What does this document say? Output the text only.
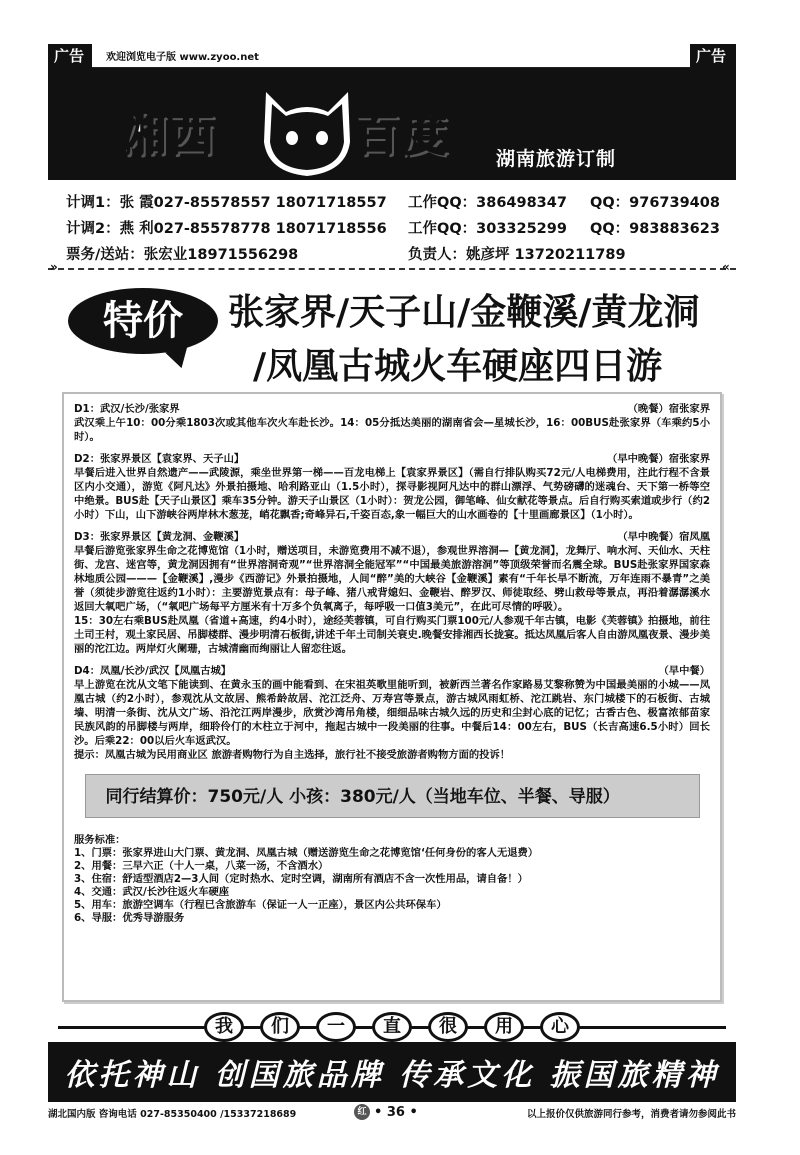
广告	欢迎浏览电子版 www.zyoo.net	广告
湘西	百度 湖南旅游订制
计调1：张 霞027-85578557 18071718557	工作QQ：386498347	QQ：976739408
计调2：燕 利027-85578778 18071718556	工作QQ：303325299	QQ：983883623
票务/送站：张宏业18971556298	负责人：姚彦坪 13720211789
»	«
特价	张家界/天子山/金鞭溪/黄龙洞
/凤凰古城火车硬座四日游
D1：武汉/长沙/张家界	（晚餐）宿张家界
武汉乘上午10：00分乘1803次或其他车次火车赴长沙。14：05分抵达美丽的湖南省会—星城长沙，16：00BUS赴张家界（车乘约5小时）。
D2：张家界景区【袁家界、天子山】	（早中晚餐）宿张家界
早餐后进入世界自然遗产——武陵源，乘坐世界第一梯——百龙电梯上【袁家界景区】（需自行排队购买72元/人电梯费用，注此行程不含景区内小交通），游览《阿凡达》外景拍摄地、哈利路亚山（1.5小时），探寻影视阿凡达中的群山漂浮、气势磅礴的迷魂台、天下第一桥等空中绝景。BUS赴【天子山景区】乘车35分钟。游天子山景区（1小时）：贺龙公园，御笔峰、仙女献花等景点。后自行购买索道或步行（约2小时）下山，山下游峡谷两岸林木葱茏，峭花飘香;奇峰异石,千姿百态,象一幅巨大的山水画卷的【十里画廊景区】（1小时）。
D3：张家界景区【黄龙洞、金鞭溪】	（早中晚餐）宿凤凰
早餐后游览张家界生命之花博览馆（1小时，赠送项目，未游览费用不减不退），参观世界溶洞—【黄龙洞】，龙舞厅、响水河、天仙水、天柱街、龙宫、迷宫等，黄龙洞因拥有“世界溶洞奇观”“世界溶洞全能冠军”“中国最美旅游溶洞”等顶级荣誉而名震全球。BUS赴张家界国家森林地质公园———【金鞭溪】,漫步《西游记》外景拍摄地，人间“醉”美的大峡谷【金鞭溪】素有“千年长旱不断流，万年连雨不暴青”之美誉（须徒步游览往返约1小时）：主要游览景点有：母子峰、猪八戒背媳妇、金鞭岩、醉罗汉、师徒取经、劈山救母等景点，再沿着潺潺溪水返回大氧吧广场，（“氧吧广场每平方厘米有十万多个负氧离子，每呼吸一口值3美元”，在此可尽情的呼吸）。
15：30左右乘BUS赴凤凰（省道+高速，约4小时），途经芙蓉镇，可自行购买门票100元/人参观千年古镇，电影《芙蓉镇》拍摄地，前往土司王村，观土家民居、吊脚楼群、漫步明清石板街,讲述千年土司制关衰史.晚餐安排湘西长拢宴。抵达凤凰后客人自由游凤凰夜景、漫步美丽的沱江边。两岸灯火阑珊，古城清幽而绚丽让人留恋往返。
D4：凤凰/长沙/武汉【凤凰古城】	（早中餐）
早上游览在沈从文笔下能读到、在黄永玉的画中能看到、在宋祖英歌里能听到，被新西兰著名作家路易艾黎称赞为中国最美丽的小城——凤凰古城（约2小时），参观沈从文故居、熊希龄故居、沱江泛舟、万寿宫等景点，游古城风雨虹桥、沱江跳岩、东门城楼下的石板街、古城墙、明清一条街、沈从文广场、沿沱江两岸漫步，欣赏沙湾吊角楼，细细品味古城久远的历史和尘封心底的记忆；古香古色、极富浓郁苗家民族风韵的吊脚楼与两岸，细聆伶仃的木柱立于河中，拖起古城中一段美丽的往事。中餐后14：00左右，BUS（长吉高速6.5小时）回长沙。后乘22：00以后火车返武汉。
提示：凤凰古城为民用商业区 旅游者购物行为自主选择，旅行社不接受旅游者购物方面的投诉！
同行结算价：750元/人 小孩：380元/人（当地车位、半餐、导服）
服务标准：
1、门票：张家界进山大门票、黄龙洞、凤凰古城（赠送游览生命之花博览馆‘任何身份的客人无退费）
2、用餐：三早六正（十人一桌，八菜一汤，不含酒水）
3、住宿：舒适型酒店2—3人间（定时热水、定时空调，湖南所有酒店不含一次性用品，请自备！）
4、交通：武汉/长沙往返火车硬座
5、用车：旅游空调车（行程已含旅游车（保证一人一正座），景区内公共环保车）
6、导服：优秀导游服务
我	们	一	直	很	用	心
依托神山 创国旅品牌 传承文化 振国旅精神
湖北国内版 咨询电话 027-85350400 /15337218689	红 • 36 •	以上报价仅供旅游同行参考，消费者请勿参阅此书
